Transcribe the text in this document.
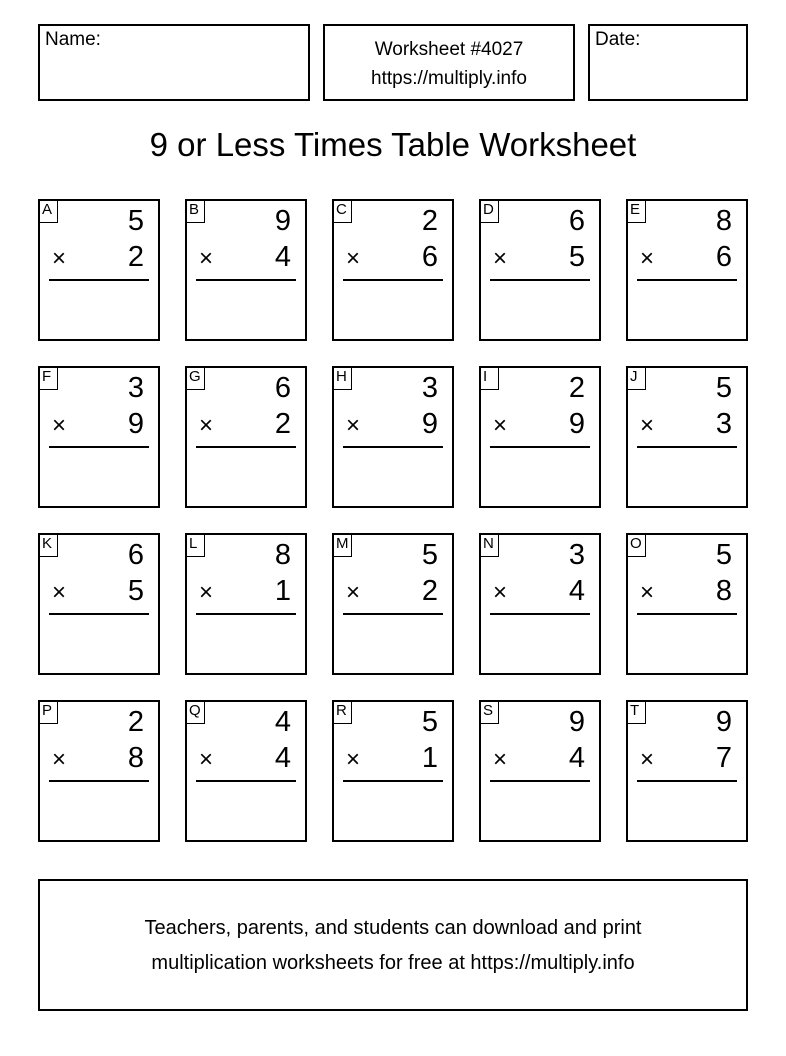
Name:	Worksheet #4027
https://multiply.info
Date:
9 or Less Times Table Worksheet
A	5
× 2
B	9
× 4
C	2
× 6
D	6
× 5
E	8
× 6
F	3
× 9
G	6
× 2
H	3
× 9
I	2
× 9
J	5
× 3
K	6
× 5
L	8
× 1
M	5
× 2
N	3
× 4
O	5
× 8
P	2
× 8
Q	4
× 4
R	5
× 1
S	9
× 4
T	9
× 7
Teachers, parents, and students can download and print
multiplication worksheets for free at https://multiply.info
